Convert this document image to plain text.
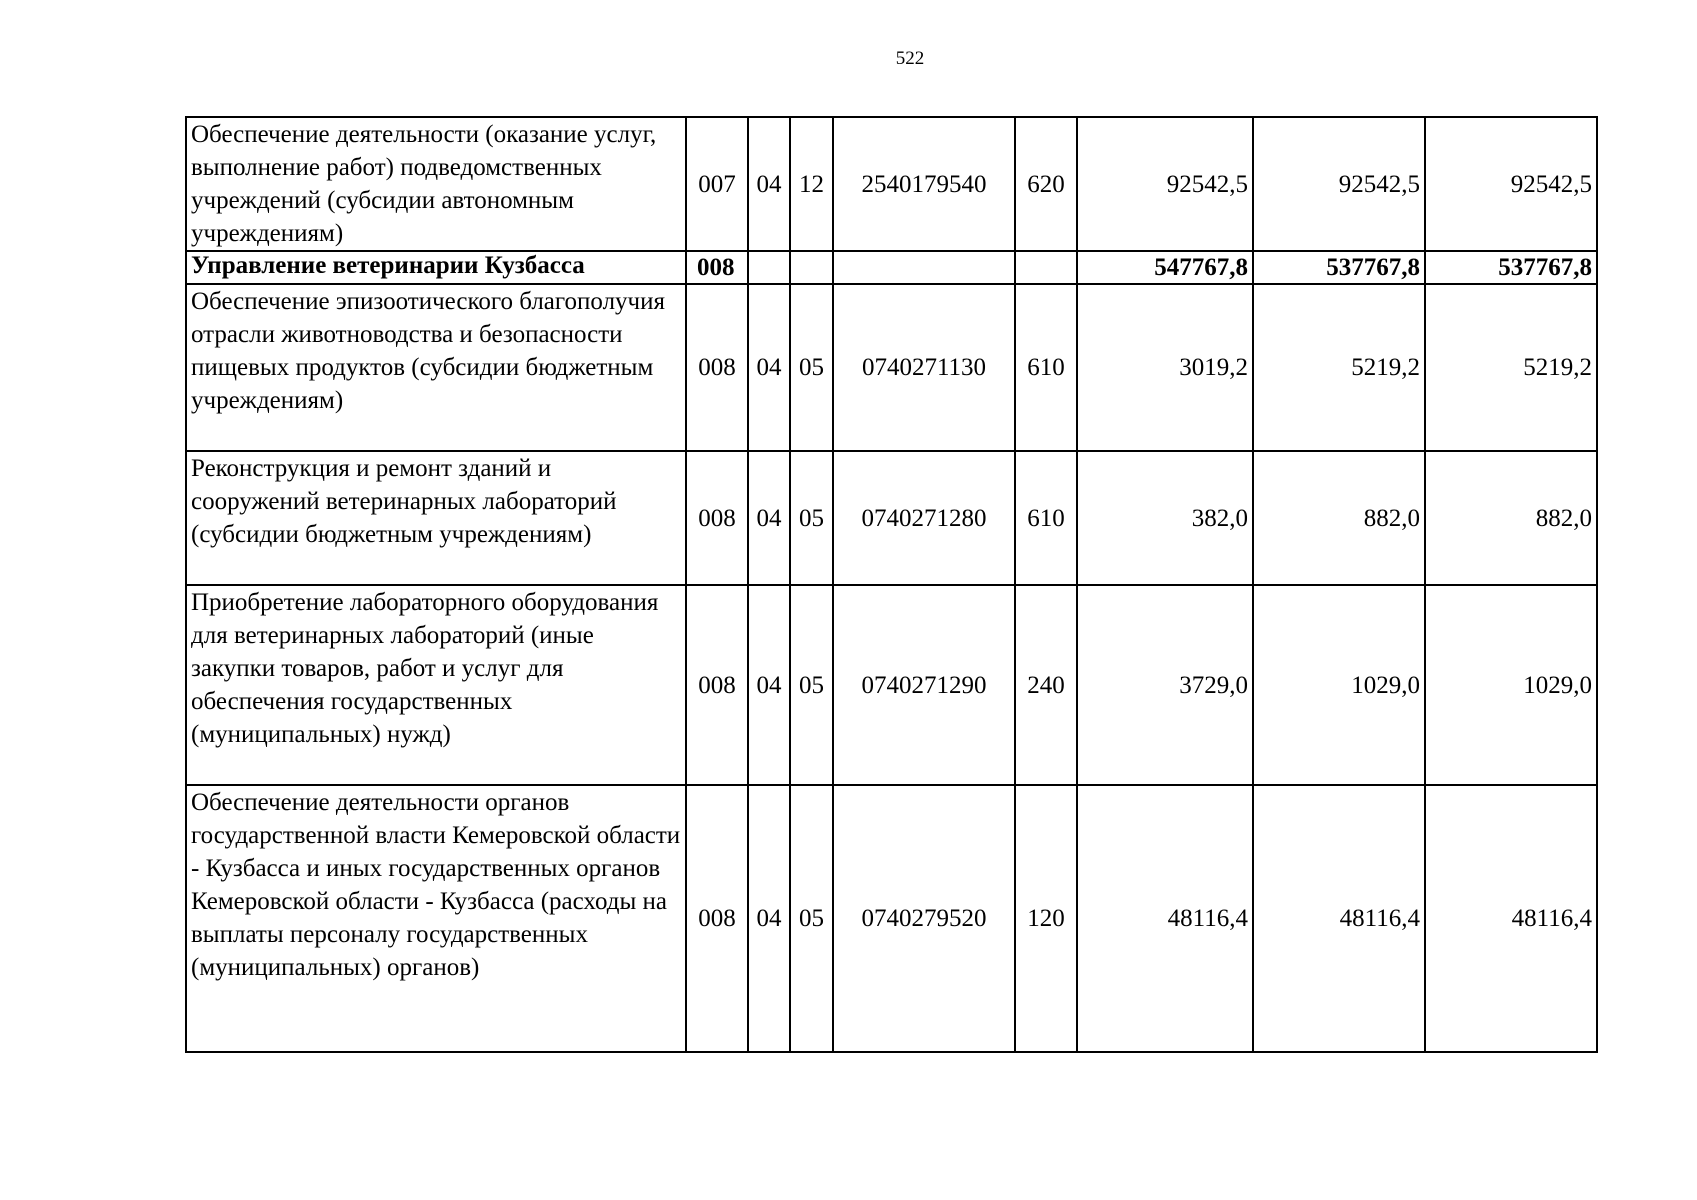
522
Обеспечение деятельности (оказание услуг, выполнение работ) подведомственных учреждений (субсидии автономным учреждениям)	007	04	12	2540179540	620	92542,5	92542,5	92542,5
Управление ветеринарии Кузбасса	008					547767,8	537767,8	537767,8
Обеспечение эпизоотического благополучия отрасли животноводства и безопасности пищевых продуктов (субсидии бюджетным учреждениям)	008	04	05	0740271130	610	3019,2	5219,2	5219,2
Реконструкция и ремонт зданий и сооружений ветеринарных лабораторий (субсидии бюджетным учреждениям)	008	04	05	0740271280	610	382,0	882,0	882,0
Приобретение лабораторного оборудования для ветеринарных лабораторий (иные закупки товаров, работ и услуг для обеспечения государственных (муниципальных) нужд)	008	04	05	0740271290	240	3729,0	1029,0	1029,0
Обеспечение деятельности органов государственной власти Кемеровской области - Кузбасса и иных государственных органов Кемеровской области - Кузбасса (расходы на выплаты персоналу государственных (муниципальных) органов)	008	04	05	0740279520	120	48116,4	48116,4	48116,4
